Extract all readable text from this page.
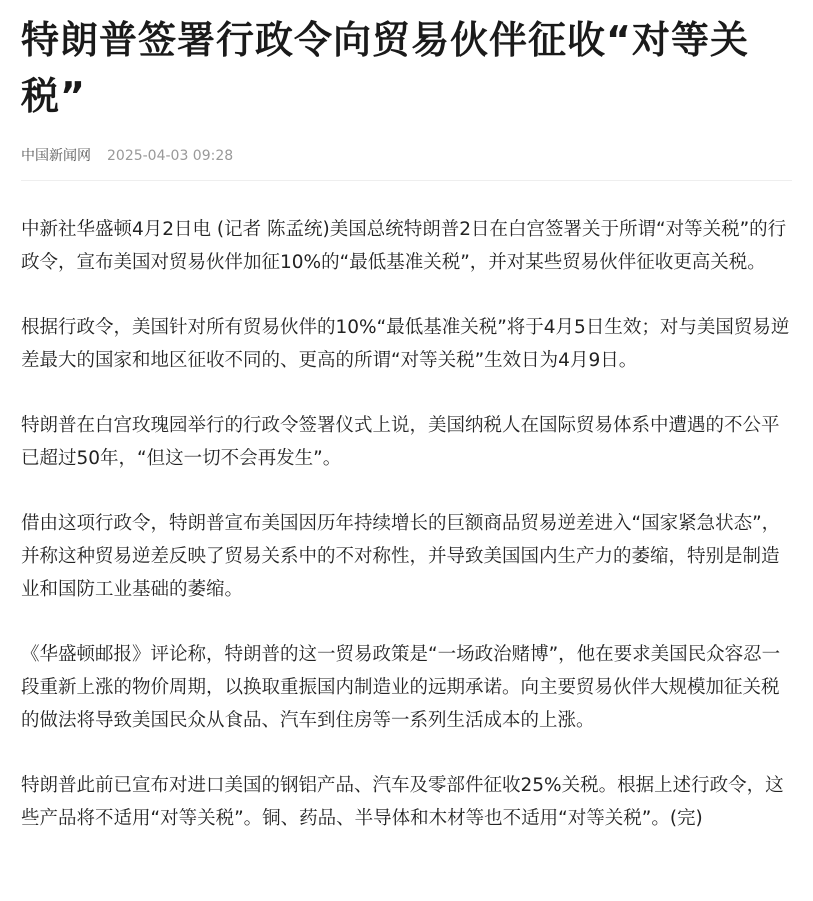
特朗普签署行政令向贸易伙伴征收“对等关税”
中国新闻网 2025-04-03 09:28

中新社华盛顿4月2日电 (记者 陈孟统)美国总统特朗普2日在白宫签署关于所谓“对等关税”的行政令，宣布美国对贸易伙伴加征10%的“最低基准关税”，并对某些贸易伙伴征收更高关税。

根据行政令，美国针对所有贸易伙伴的10%“最低基准关税”将于4月5日生效；对与美国贸易逆差最大的国家和地区征收不同的、更高的所谓“对等关税”生效日为4月9日。

特朗普在白宫玫瑰园举行的行政令签署仪式上说，美国纳税人在国际贸易体系中遭遇的不公平已超过50年，“但这一切不会再发生”。

借由这项行政令，特朗普宣布美国因历年持续增长的巨额商品贸易逆差进入“国家紧急状态”，并称这种贸易逆差反映了贸易关系中的不对称性，并导致美国国内生产力的萎缩，特别是制造业和国防工业基础的萎缩。

《华盛顿邮报》评论称，特朗普的这一贸易政策是“一场政治赌博”，他在要求美国民众容忍一段重新上涨的物价周期，以换取重振国内制造业的远期承诺。向主要贸易伙伴大规模加征关税的做法将导致美国民众从食品、汽车到住房等一系列生活成本的上涨。

特朗普此前已宣布对进口美国的钢铝产品、汽车及零部件征收25%关税。根据上述行政令，这些产品将不适用“对等关税”。铜、药品、半导体和木材等也不适用“对等关税”。(完)
